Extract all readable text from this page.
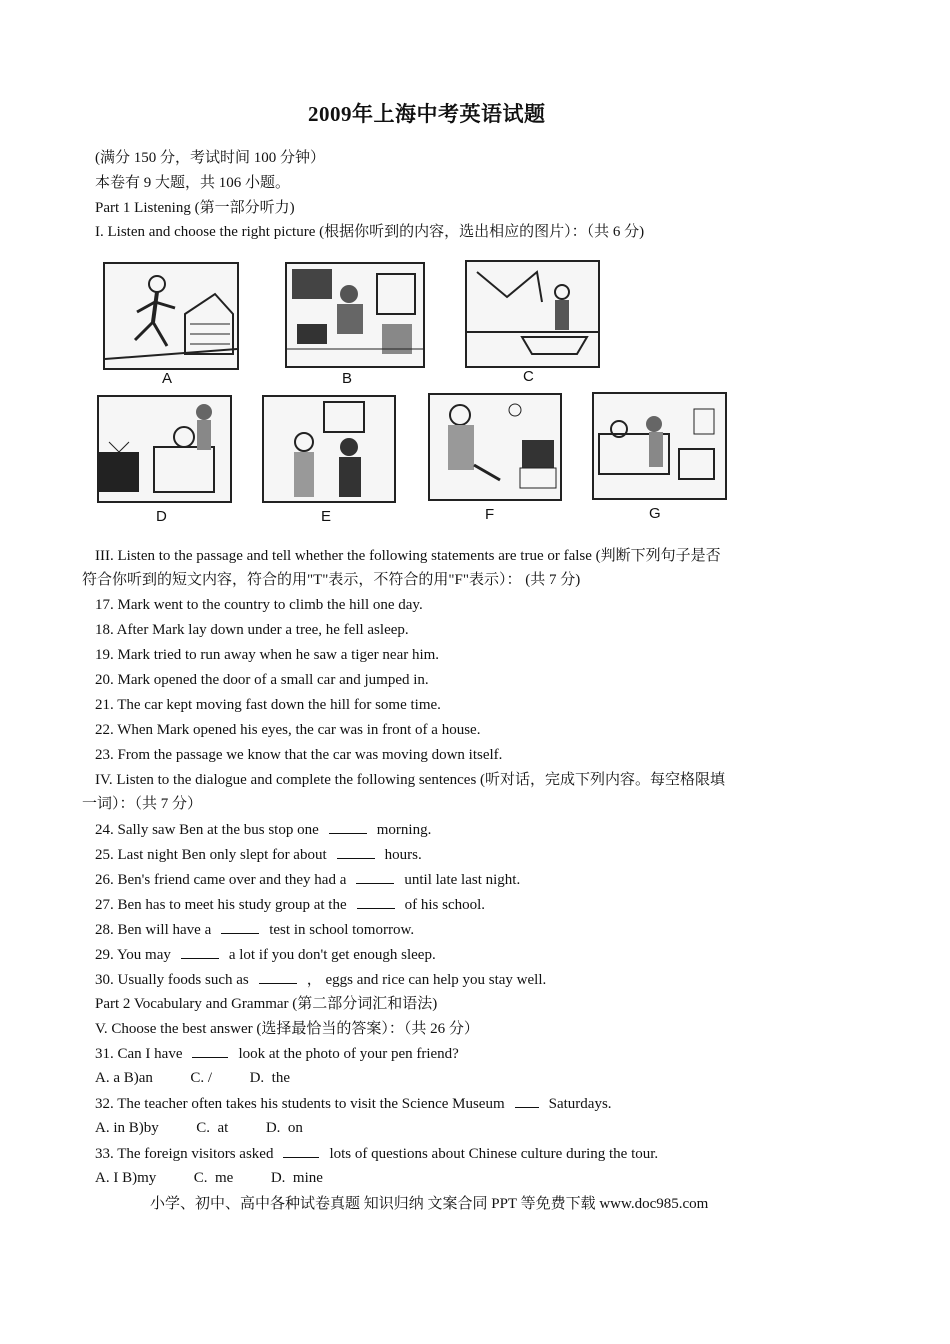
2009年上海中考英语试题
(满分 150 分，考试时间 100 分钟）
本卷有 9 大题，共 106 小题。
Part 1 Listening (第一部分听力)
I. Listen and choose the right picture (根据你听到的内容，选出相应的图片）：（共 6 分)
A	B	C
D	E	F	G
III. Listen to the passage and tell whether the following statements are true or false (判断下列句子是否
符合你听到的短文内容，符合的用"T"表示，不符合的用"F"表示）： (共 7 分)
17. Mark went to the country to climb the hill one day.
18. After Mark lay down under a tree, he fell asleep.
19. Mark tried to run away when he saw a tiger near him.
20. Mark opened the door of a small car and jumped in.
21. The car kept moving fast down the hill for some time.
22. When Mark opened his eyes, the car was in front of a house.
23. From the passage we know that the car was moving down itself.
IV. Listen to the dialogue and complete the following sentences (听对话，完成下列内容。每空格限填
一词）：（共 7 分）
24. Sally saw Ben at the bus stop one	morning.
25. Last night Ben only slept for about	hours.
26. Ben's friend came over and they had a	until late last night.
27. Ben has to meet his study group at the	of his school.
28. Ben will have a	test in school tomorrow.
29. You may	a lot if you don't get enough sleep.
30. Usually foods such as	， eggs and rice can help you stay well.
Part 2 Vocabulary and Grammar (第二部分词汇和语法)
V. Choose the best answer (选择最恰当的答案）：（共 26 分）
31. Can I have	look at the photo of your pen friend?
A. a B)an          C. /          D.  the
32. The teacher often takes his students to visit the Science Museum	Saturdays.
A. in B)by          C.  at          D.  on
33. The foreign visitors asked	lots of questions about Chinese culture during the tour.
A. I B)my          C.  me          D.  mine
小学、初中、高中各种试卷真题 知识归纳 文案合同 PPT 等免费下载 www.doc985.com
